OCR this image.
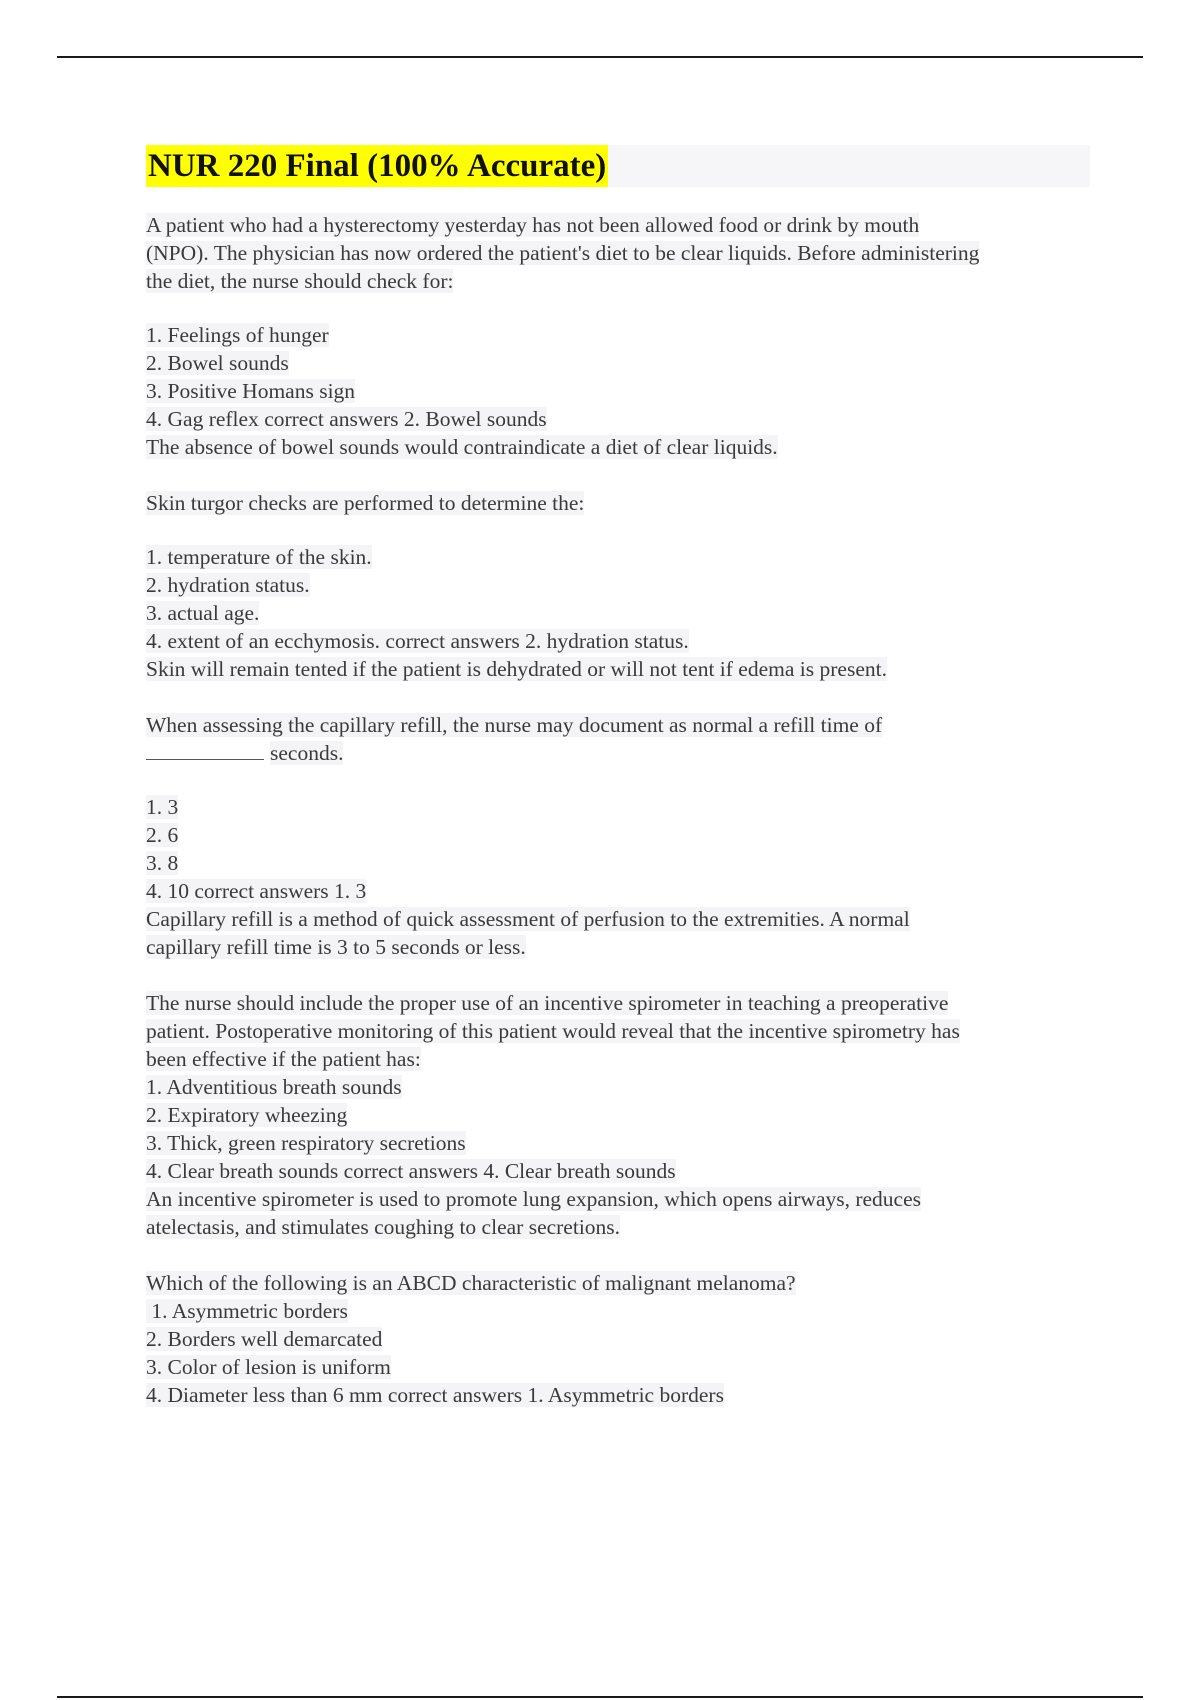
NUR 220 Final (100% Accurate)
A patient who had a hysterectomy yesterday has not been allowed food or drink by mouth
(NPO). The physician has now ordered the patient's diet to be clear liquids. Before administering
the diet, the nurse should check for:
1. Feelings of hunger
2. Bowel sounds
3. Positive Homans sign
4. Gag reflex correct answers 2. Bowel sounds
The absence of bowel sounds would contraindicate a diet of clear liquids.
Skin turgor checks are performed to determine the:
1. temperature of the skin.
2. hydration status.
3. actual age.
4. extent of an ecchymosis. correct answers 2. hydration status.
Skin will remain tented if the patient is dehydrated or will not tent if edema is present.
When assessing the capillary refill, the nurse may document as normal a refill time of
seconds.
1. 3
2. 6
3. 8
4. 10 correct answers 1. 3
Capillary refill is a method of quick assessment of perfusion to the extremities. A normal
capillary refill time is 3 to 5 seconds or less.
The nurse should include the proper use of an incentive spirometer in teaching a preoperative
patient. Postoperative monitoring of this patient would reveal that the incentive spirometry has
been effective if the patient has:
1. Adventitious breath sounds
2. Expiratory wheezing
3. Thick, green respiratory secretions
4. Clear breath sounds correct answers 4. Clear breath sounds
An incentive spirometer is used to promote lung expansion, which opens airways, reduces
atelectasis, and stimulates coughing to clear secretions.
Which of the following is an ABCD characteristic of malignant melanoma?
1. Asymmetric borders
2. Borders well demarcated
3. Color of lesion is uniform
4. Diameter less than 6 mm correct answers 1. Asymmetric borders
